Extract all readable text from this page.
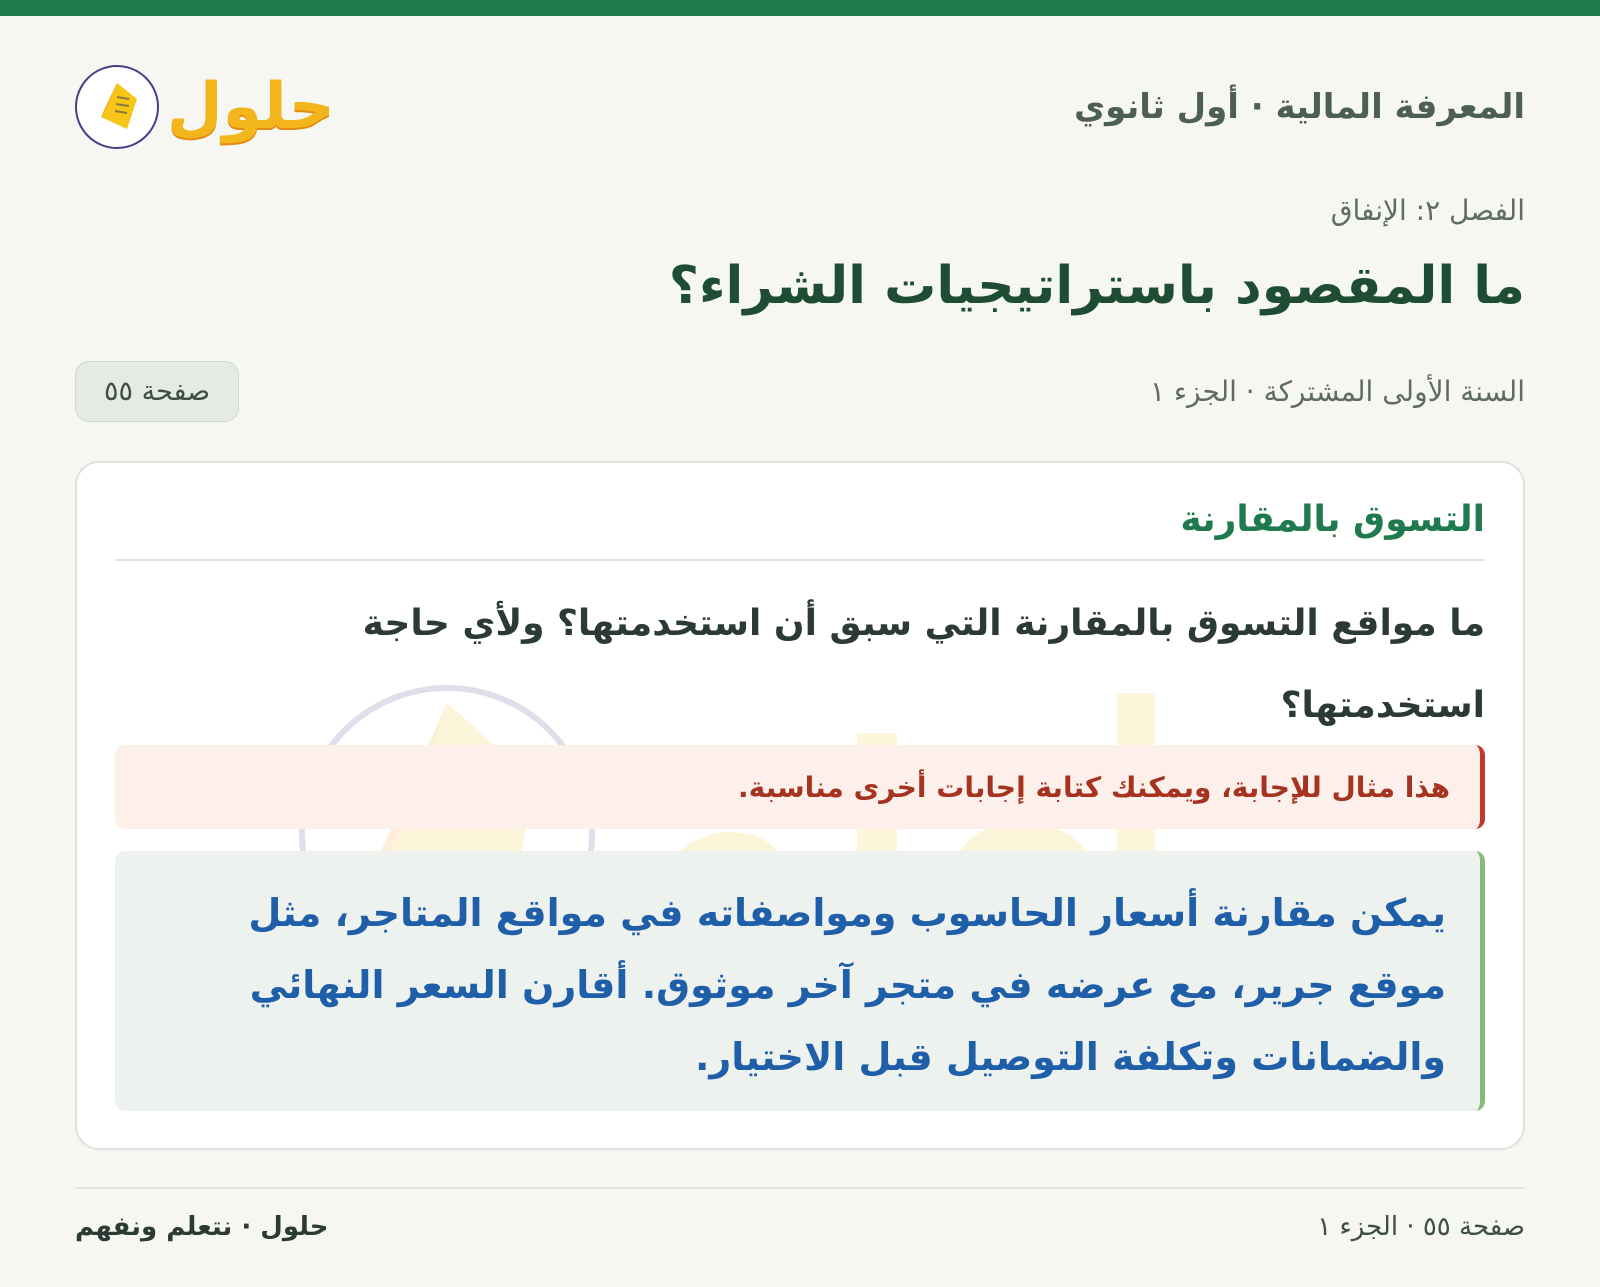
المعرفة المالية · أول ثانوي
حلول
الفصل ٢: الإنفاق
ما المقصود باستراتيجيات الشراء؟
السنة الأولى المشتركة · الجزء ١
صفحة ٥٥
التسوق بالمقارنة
ما مواقع التسوق بالمقارنة التي سبق أن استخدمتها؟ ولأي حاجة استخدمتها؟
هذا مثال للإجابة، ويمكنك كتابة إجابات أخرى مناسبة.
يمكن مقارنة أسعار الحاسوب ومواصفاته في مواقع المتاجر، مثل موقع جرير، مع عرضه في متجر آخر موثوق. أقارن السعر النهائي والضمانات وتكلفة التوصيل قبل الاختيار.
صفحة ٥٥ · الجزء ١
حلول · نتعلم ونفهم
